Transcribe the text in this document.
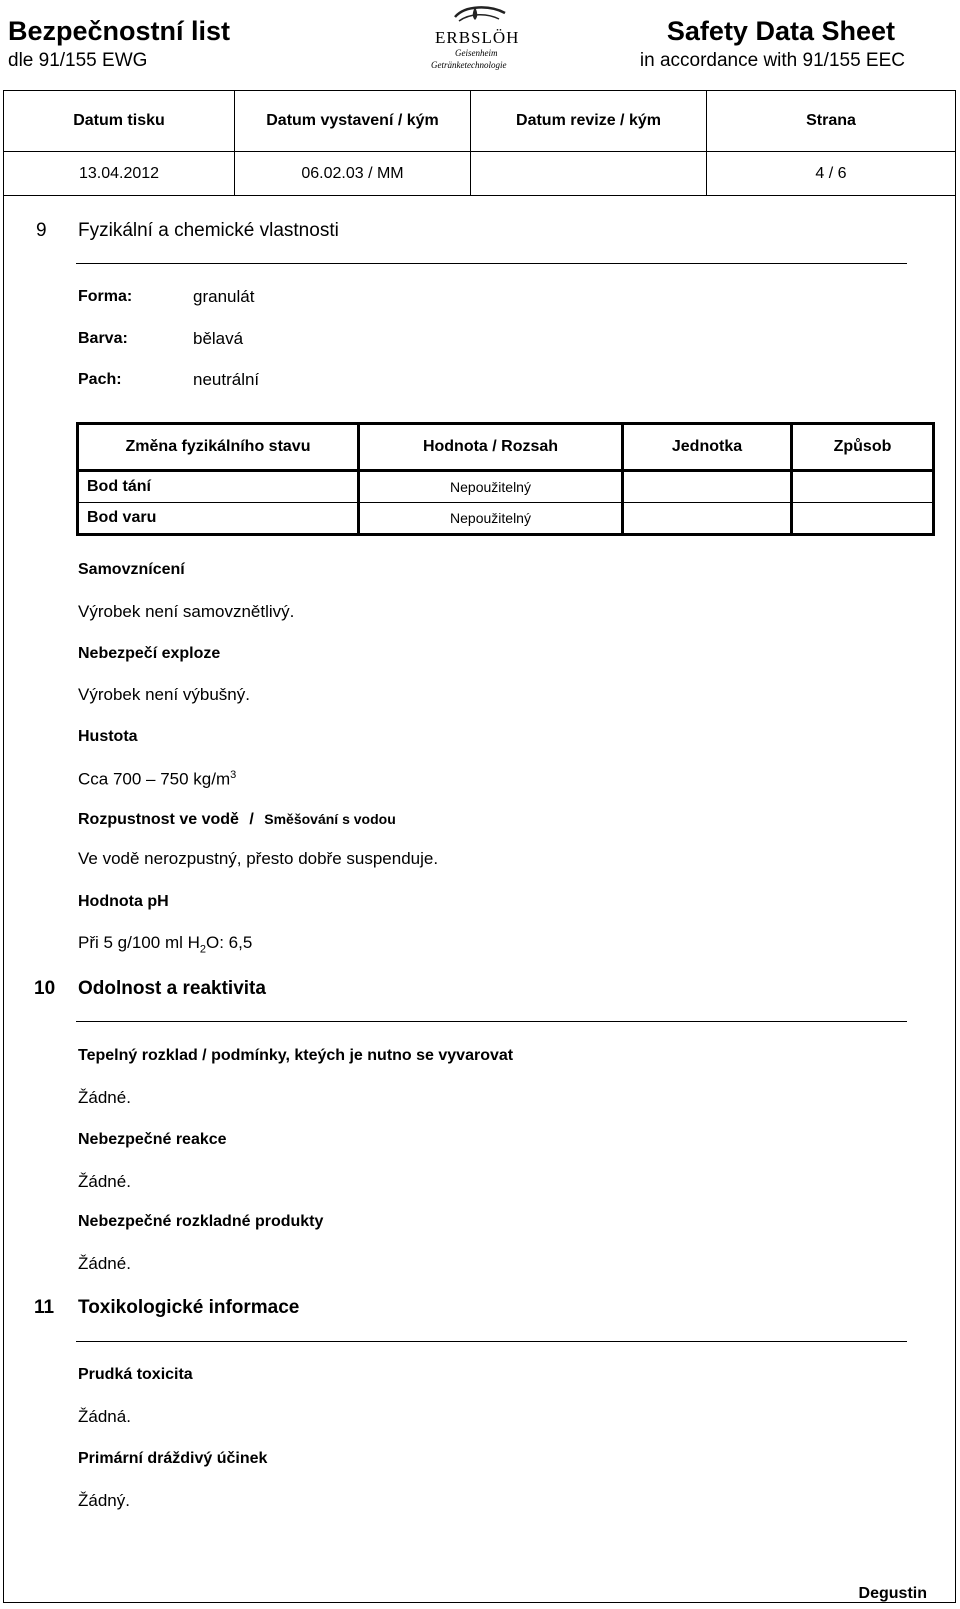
Bezpečnostní list
dle 91/155 EWG
ERBSLÖH
Geisenheim
Getränketechnologie
Safety Data Sheet
in accordance with 91/155 EEC
Datum tisku	Datum vystavení / kým	Datum revize / kým	Strana
13.04.2012	06.02.03 / MM		4 / 6
9 Fyzikální a chemické vlastnosti
Forma:	granulát
Barva:	bělavá
Pach:	neutrální
Změna fyzikálního stavu	Hodnota / Rozsah	Jednotka	Způsob
Bod tání	Nepoužitelný		
Bod varu	Nepoužitelný		
Samovznícení
Výrobek není samovznětlivý.
Nebezpečí exploze
Výrobek není výbušný.
Hustota
Cca 700 – 750 $kg/m^3$
Rozpustnost ve vodě / Směšování s vodou
Ve vodě nerozpustný, přesto dobře suspenduje.
Hodnota pH
Při 5 g/100 ml $H_2O$: 6,5
10 Odolnost a reaktivita
Tepelný rozklad / podmínky, kteých je nutno se vyvarovat
Žádné.
Nebezpečné reakce
Žádné.
Nebezpečné rozkladné produkty
Žádné.
11 Toxikologické informace
Prudká toxicita
Žádná.
Primární dráždivý účinek
Žádný.
Degustin
